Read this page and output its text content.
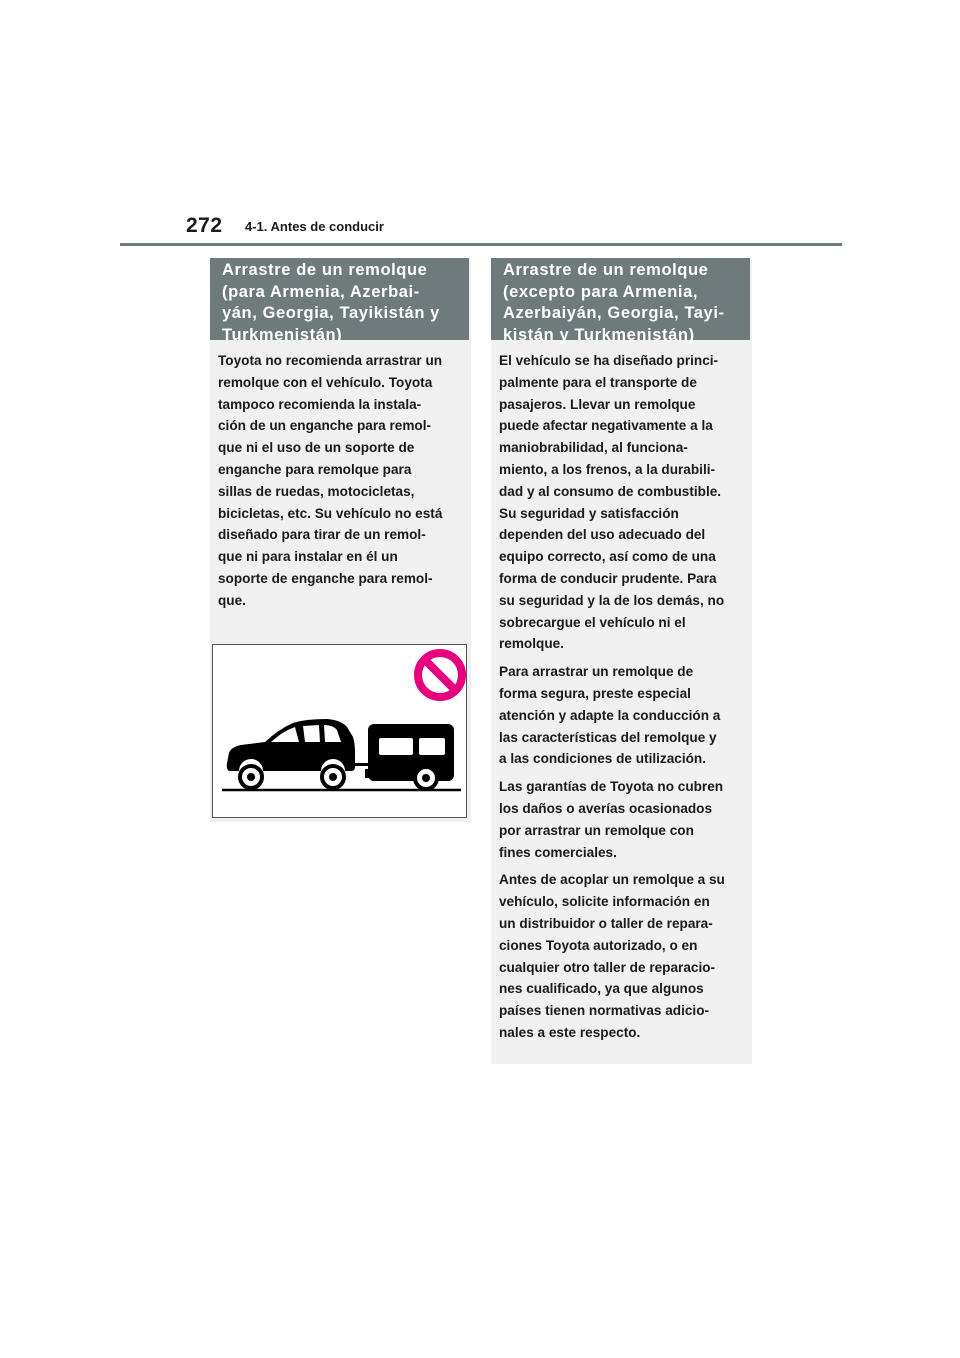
272 4-1. Antes de conducir
Arrastre de un remolque
(para Armenia, Azerbai-
yán, Georgia, Tayikistán y
Turkmenistán)

Toyota no recomienda arrastrar un
remolque con el vehículo. Toyota
tampoco recomienda la instala-
ción de un enganche para remol-
que ni el uso de un soporte de
enganche para remolque para
sillas de ruedas, motocicletas,
bicicletas, etc. Su vehículo no está
diseñado para tirar de un remol-
que ni para instalar en él un
soporte de enganche para remol-
que.

Arrastre de un remolque
(excepto para Armenia,
Azerbaiyán, Georgia, Tayi-
kistán y Turkmenistán)

El vehículo se ha diseñado princi-
palmente para el transporte de
pasajeros. Llevar un remolque
puede afectar negativamente a la
maniobrabilidad, al funciona-
miento, a los frenos, a la durabili-
dad y al consumo de combustible.
Su seguridad y satisfacción
dependen del uso adecuado del
equipo correcto, así como de una
forma de conducir prudente. Para
su seguridad y la de los demás, no
sobrecargue el vehículo ni el
remolque.

Para arrastrar un remolque de
forma segura, preste especial
atención y adapte la conducción a
las características del remolque y
a las condiciones de utilización.

Las garantías de Toyota no cubren
los daños o averías ocasionados
por arrastrar un remolque con
fines comerciales.

Antes de acoplar un remolque a su
vehículo, solicite información en
un distribuidor o taller de repara-
ciones Toyota autorizado, o en
cualquier otro taller de reparacio-
nes cualificado, ya que algunos
países tienen normativas adicio-
nales a este respecto.
